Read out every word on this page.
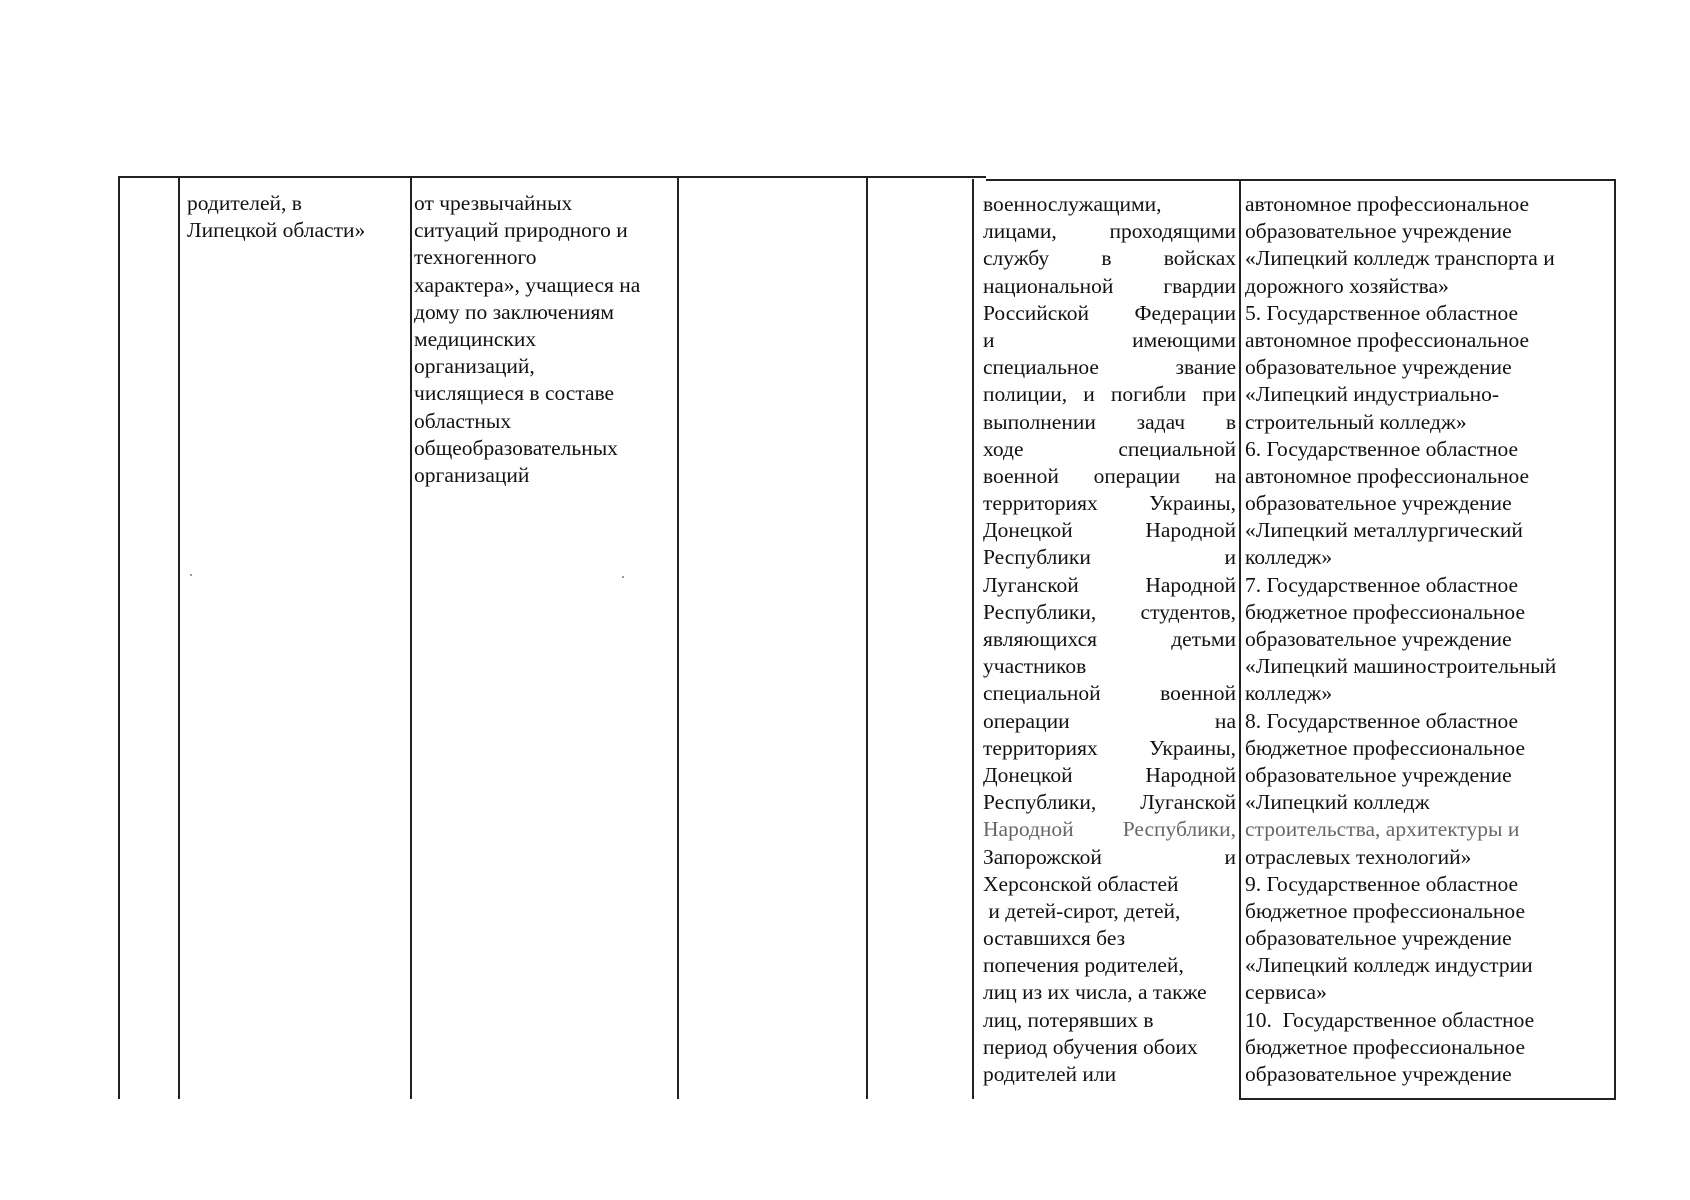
родителей, в
Липецкой области»
от чрезвычайных
ситуаций природного и
техногенного
характера», учащиеся на
дому по заключениям
медицинских
организаций,
числящиеся в составе
областных
общеобразовательных
организаций
военнослужащими,
лицами, проходящими
службу в войсках
национальной гвардии
Российской Федерации
и имеющими
специальное звание
полиции, и погибли при
выполнении задач в
ходе специальной
военной операции на
территориях Украины,
Донецкой Народной
Республики и
Луганской Народной
Республики, студентов,
являющихся детьми
участников
специальной военной
операции на
территориях Украины,
Донецкой Народной
Республики, Луганской
Народной Республики,
Запорожской и
Херсонской областей
и детей-сирот, детей,
оставшихся без
попечения родителей,
лиц из их числа, а также
лиц, потерявших в
период обучения обоих
родителей или
автономное профессиональное
образовательное учреждение
«Липецкий колледж транспорта и
дорожного хозяйства»
5. Государственное областное
автономное профессиональное
образовательное учреждение
«Липецкий индустриально-
строительный колледж»
6. Государственное областное
автономное профессиональное
образовательное учреждение
«Липецкий металлургический
колледж»
7. Государственное областное
бюджетное профессиональное
образовательное учреждение
«Липецкий машиностроительный
колледж»
8. Государственное областное
бюджетное профессиональное
образовательное учреждение
«Липецкий колледж
строительства, архитектуры и
отраслевых технологий»
9. Государственное областное
бюджетное профессиональное
образовательное учреждение
«Липецкий колледж индустрии
сервиса»
10.  Государственное областное
бюджетное профессиональное
образовательное учреждение
